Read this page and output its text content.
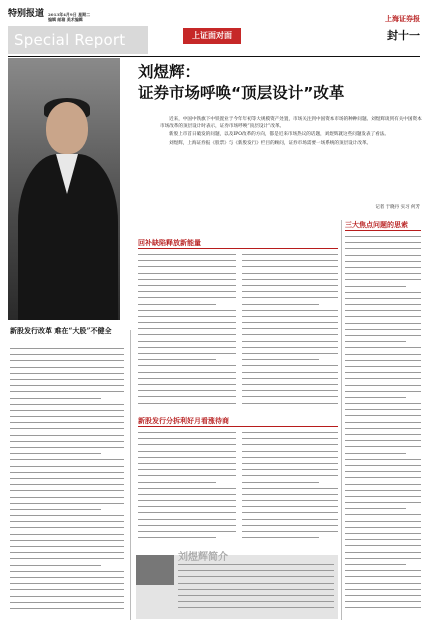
特别报道 2013年4月9日 星期二
编辑 邮箱 美术编辑
Special Report	上证面对面
上海证券报
封十一
刘煜辉：
证券市场呼唤“顶层设计”改革

近来，中国中铁旗下中铁置业于今年年初等大规模资产处置，市场关注到中国资本市场的种种问题。刘煜辉谈到有关中国资本市场改革的顶层设计时表示，证券市场呼唤“顶层设计”改革。

新股上市首日破发的问题，以及IPO改革的方向，都是近来市场热议的话题，刘煜辉就这些问题发表了看法。

刘煜辉，上海证券报《股票》与《新股发行》栏目的顾问，证券市场需要一场系统的顶层设计改革。

记者 于晓丹 实习 何芳
新股发行改革 难在“大股”不健全
回补缺陷释放新能量
新股发行分拆利好月看涨待商
三大焦点问题的思索
刘煜辉简介
